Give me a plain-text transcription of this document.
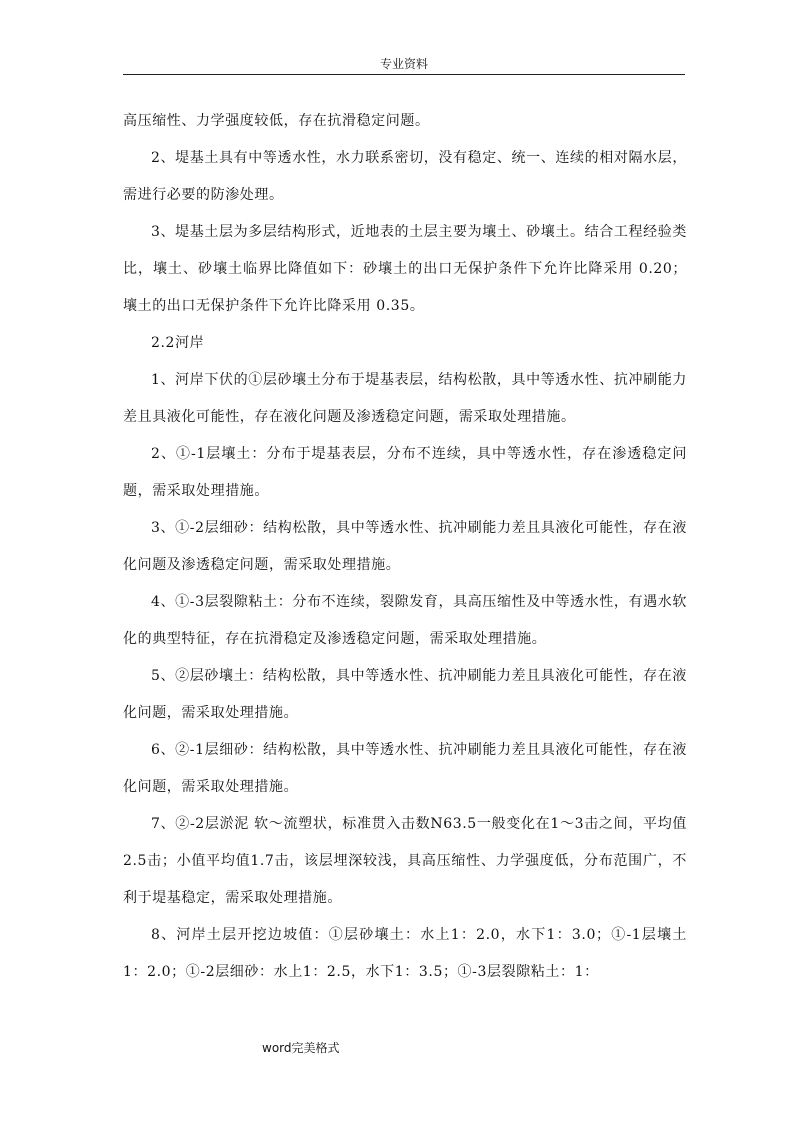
专业资料

高压缩性、力学强度较低，存在抗滑稳定问题。

2、堤基土具有中等透水性，水力联系密切，没有稳定、统一、连续的相对隔水层，需进行必要的防渗处理。

3、堤基土层为多层结构形式，近地表的土层主要为壤土、砂壤土。结合工程经验类比，壤土、砂壤土临界比降值如下：砂壤土的出口无保护条件下允许比降采用 0.20；壤土的出口无保护条件下允许比降采用 0.35。

2.2河岸

1、河岸下伏的①层砂壤土分布于堤基表层，结构松散，具中等透水性、抗冲刷能力差且具液化可能性，存在液化问题及渗透稳定问题，需采取处理措施。

2、①-1层壤土：分布于堤基表层，分布不连续，具中等透水性，存在渗透稳定问题，需采取处理措施。

3、①-2层细砂：结构松散，具中等透水性、抗冲刷能力差且具液化可能性，存在液化问题及渗透稳定问题，需采取处理措施。

4、①-3层裂隙粘土：分布不连续，裂隙发育，具高压缩性及中等透水性，有遇水软化的典型特征，存在抗滑稳定及渗透稳定问题，需采取处理措施。

5、②层砂壤土：结构松散，具中等透水性、抗冲刷能力差且具液化可能性，存在液化问题，需采取处理措施。

6、②-1层细砂：结构松散，具中等透水性、抗冲刷能力差且具液化可能性，存在液化问题，需采取处理措施。

7、②-2层淤泥 软～流塑状，标准贯入击数N63.5一般变化在1～3击之间，平均值2.5击；小值平均值1.7击，该层埋深较浅，具高压缩性、力学强度低，分布范围广，不利于堤基稳定，需采取处理措施。

8、河岸土层开挖边坡值：①层砂壤土：水上1：2.0，水下1：3.0；①-1层壤土1：2.0；①-2层细砂：水上1：2.5，水下1：3.5；①-3层裂隙粘土：1：

word完美格式
